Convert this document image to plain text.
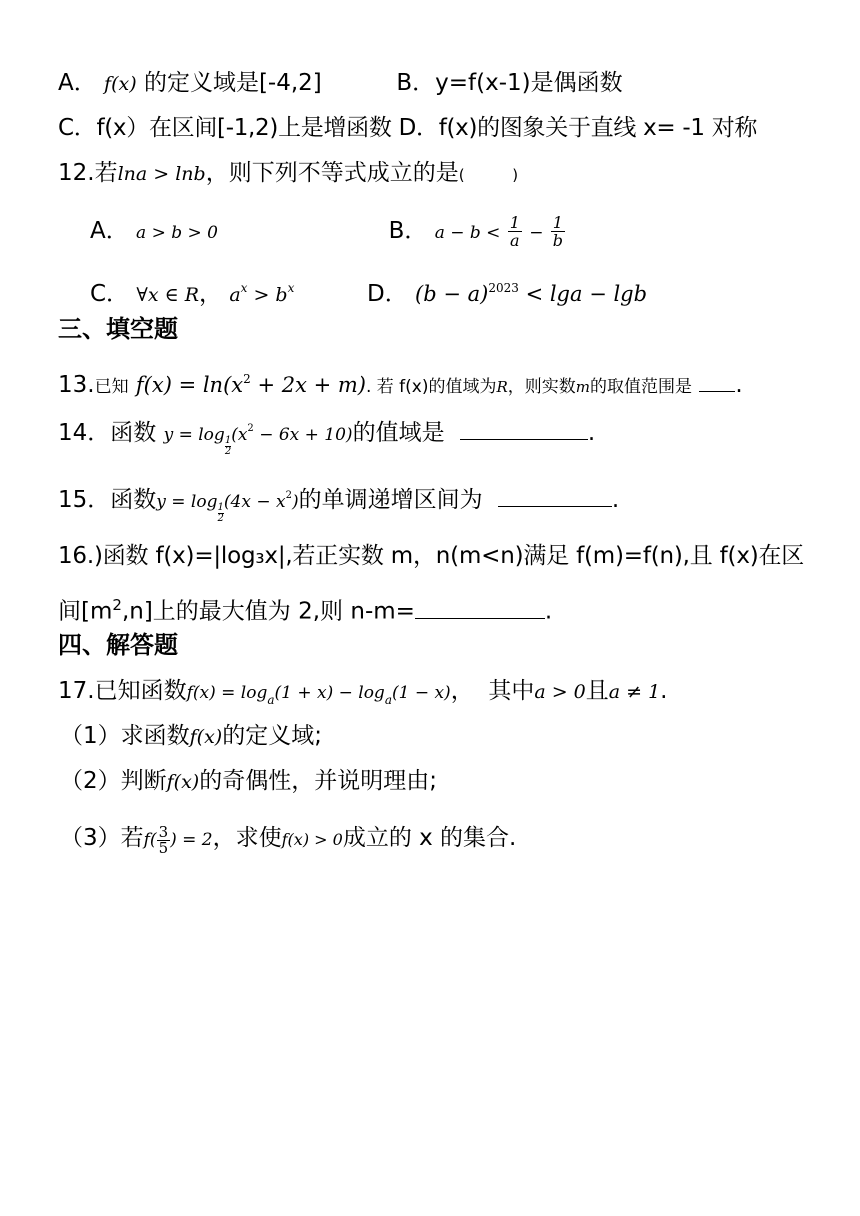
A． f(x) 的定义域是[-4,2]	B．y=f(x-1)是偶函数
C．f(x）在区间[-1,2)上是增函数 D．f(x)的图象关于直线 x= -1 对称
12.若lna > lnb，则下列不等式成立的是(          )
A． a > b > 0	B． $a - b < \frac{1}{a} - \frac{1}{b}$
C． ∀x ∈ R， $a^x > b^x$	D． $(b - a)^{2023} < \lg a - \lg b$
三、填空题
13.已知 $f(x) = \ln(x^2 + 2x + m)$. 若 f(x)的值域为R，则实数m的取值范围是 .
14．函数 y = log
$\frac{1}{2}$
$(x^2 - 6x + 10)$的值域是	.
15．函数y = log
$\frac{1}{2}$
$(4x - x^2)$的单调递增区间为	.
16.)函数 f(x)=|log₃x|,若正实数 m，n(m<n)满足 f(m)=f(n),且 f(x)在区
间$[m^2,n]$上的最大值为 2,则 n-m=	.
四、解答题
17.已知函数$f(x) = \log_a(1 + x) - \log_a(1 - x)$，  其中a > 0且a ≠ 1.
（1）求函数f(x)的定义域;
（2）判断f(x)的奇偶性，并说明理由;
（3）若$f( \frac{3}{5}$ ) = 2，求使f(x) > 0成立的 x 的集合.
